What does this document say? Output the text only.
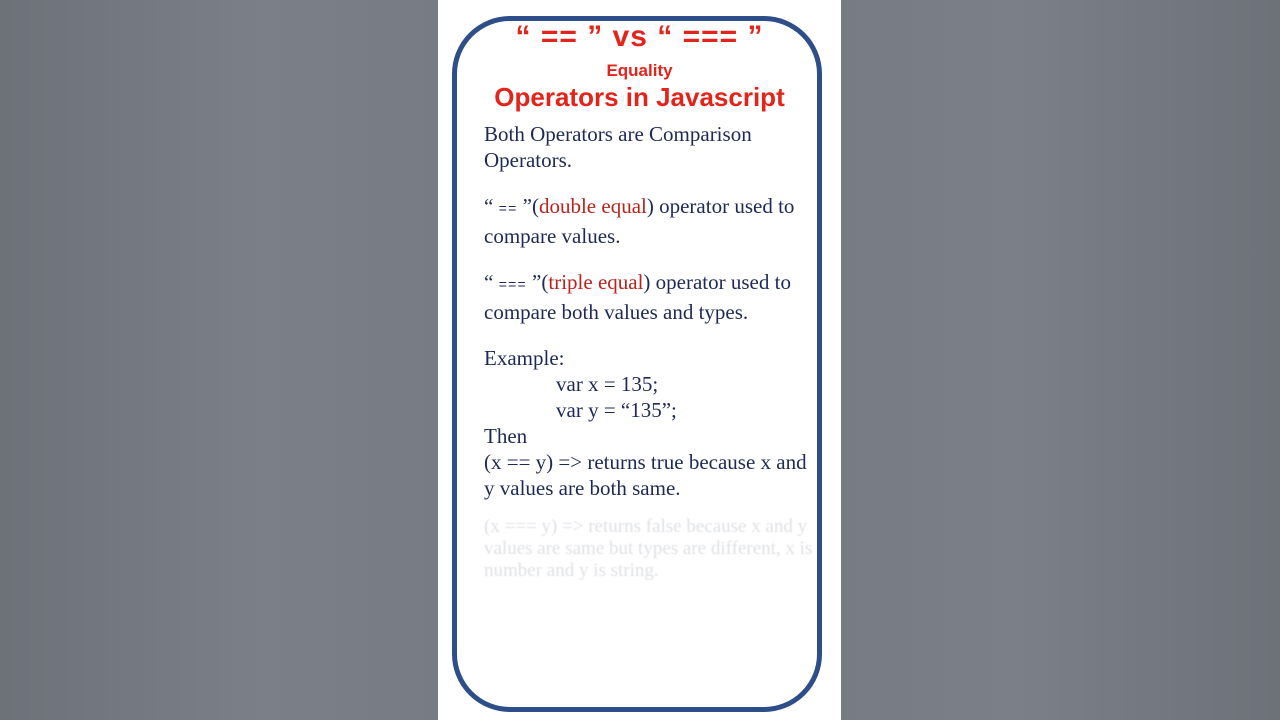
“ == ” vs “ === ”
Equality
Operators in Javascript

Both Operators are Comparison Operators.

“ == ”(double equal) operator used to compare values.

“ === ”(triple equal) operator used to compare both values and types.

Example:
var x = 135;
var y = “135”;
Then
(x == y) => returns true because x and y values are both same.
(x === y) => returns false because x and y values are same but types are different, x is number and y is string.
